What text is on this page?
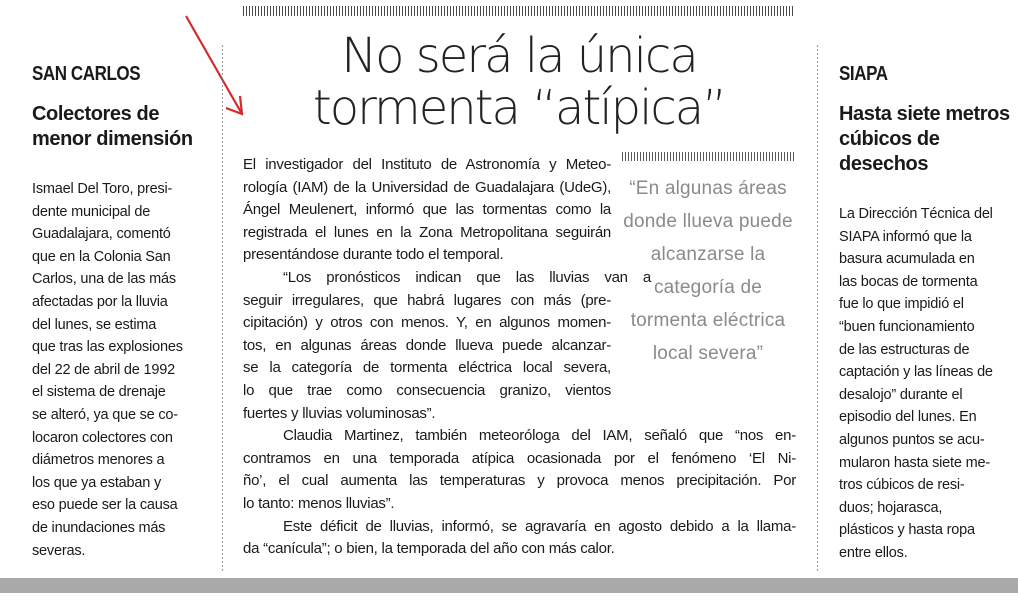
SAN CARLOS

Colectores de
menor dimensión

Ismael Del Toro, presi-
dente municipal de
Guadalajara, comentó
que en la Colonia San
Carlos, una de las más
afectadas por la lluvia
del lunes, se estima
que tras las explosiones
del 22 de abril de 1992
el sistema de drenaje
se alteró, ya que se co-
locaron colectores con
diámetros menores a
los que ya estaban y
eso puede ser la causa
de inundaciones más
severas.

No será la única
tormenta “atípica”
El investigador del Instituto de Astronomía y Meteo-
rología (IAM) de la Universidad de Guadalajara (UdeG),
Ángel Meulenert, informó que las tormentas como la
registrada el lunes en la Zona Metropolitana seguirán
presentándose durante todo el temporal.
“Los pronósticos indican que las lluvias van a
seguir irregulares, que habrá lugares con más (pre-
cipitación) y otros con menos. Y, en algunos momen-
tos, en algunas áreas donde llueva puede alcanzar-
se la categoría de tormenta eléctrica local severa,
lo que trae como consecuencia granizo, vientos
fuertes y lluvias voluminosas”.
Claudia Martinez, también meteoróloga del IAM, señaló que “nos en-
contramos en una temporada atípica ocasionada por el fenómeno ‘El Ni-
ño’, el cual aumenta las temperaturas y provoca menos precipitación. Por
lo tanto: menos lluvias”.
Este déficit de lluvias, informó, se agravaría en agosto debido a la llama-
da “canícula”; o bien, la temporada del año con más calor.
“En algunas áreas
donde llueva puede
alcanzarse la
categoría de
tormenta eléctrica
local severa”

SIAPA

Hasta siete metros
cúbicos de
desechos

La Dirección Técnica del
SIAPA informó que la
basura acumulada en
las bocas de tormenta
fue lo que impidió el
“buen funcionamiento
de las estructuras de
captación y las líneas de
desalojo” durante el
episodio del lunes. En
algunos puntos se acu-
mularon hasta siete me-
tros cúbicos de resi-
duos; hojarasca,
plásticos y hasta ropa
entre ellos.
